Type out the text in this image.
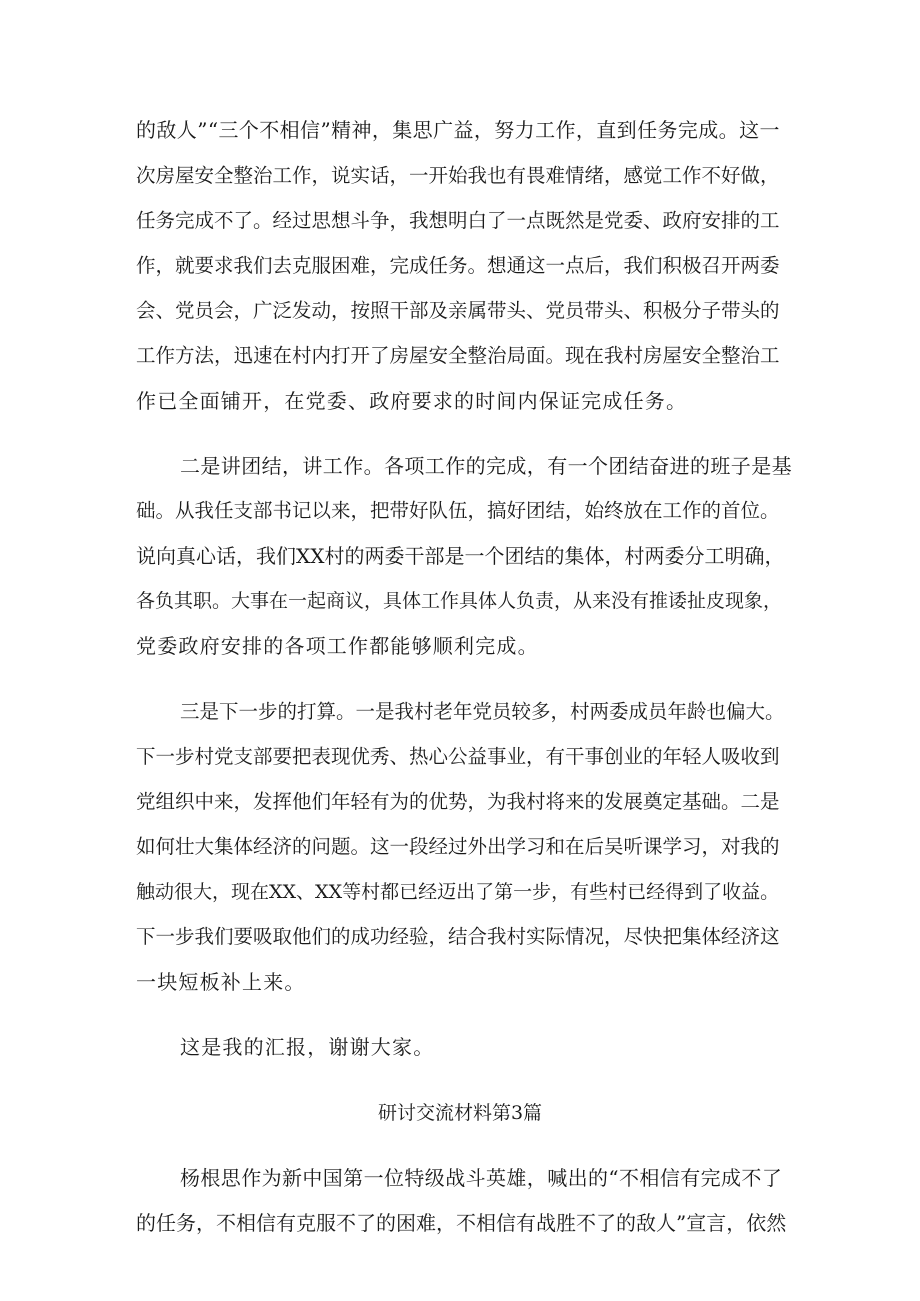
的敌人”“三个不相信”精神，集思广益，努力工作，直到任务完成。这一
次房屋安全整治工作，说实话，一开始我也有畏难情绪，感觉工作不好做，
任务完成不了。经过思想斗争，我想明白了一点既然是党委、政府安排的工
作，就要求我们去克服困难，完成任务。想通这一点后，我们积极召开两委
会、党员会，广泛发动，按照干部及亲属带头、党员带头、积极分子带头的
工作方法，迅速在村内打开了房屋安全整治局面。现在我村房屋安全整治工
作已全面铺开，在党委、政府要求的时间内保证完成任务。
二是讲团结，讲工作。各项工作的完成，有一个团结奋进的班子是基
础。从我任支部书记以来，把带好队伍，搞好团结，始终放在工作的首位。
说向真心话，我们XX村的两委干部是一个团结的集体，村两委分工明确，
各负其职。大事在一起商议，具体工作具体人负责，从来没有推诿扯皮现象，
党委政府安排的各项工作都能够顺利完成。
三是下一步的打算。一是我村老年党员较多，村两委成员年龄也偏大。
下一步村党支部要把表现优秀、热心公益事业，有干事创业的年轻人吸收到
党组织中来，发挥他们年轻有为的优势，为我村将来的发展奠定基础。二是
如何壮大集体经济的问题。这一段经过外出学习和在后吴听课学习，对我的
触动很大，现在XX、XX等村都已经迈出了第一步，有些村已经得到了收益。
下一步我们要吸取他们的成功经验，结合我村实际情况，尽快把集体经济这
一块短板补上来。
这是我的汇报，谢谢大家。
研讨交流材料第3篇
杨根思作为新中国第一位特级战斗英雄，喊出的“不相信有完成不了
的任务，不相信有克服不了的困难，不相信有战胜不了的敌人”宣言，依然
